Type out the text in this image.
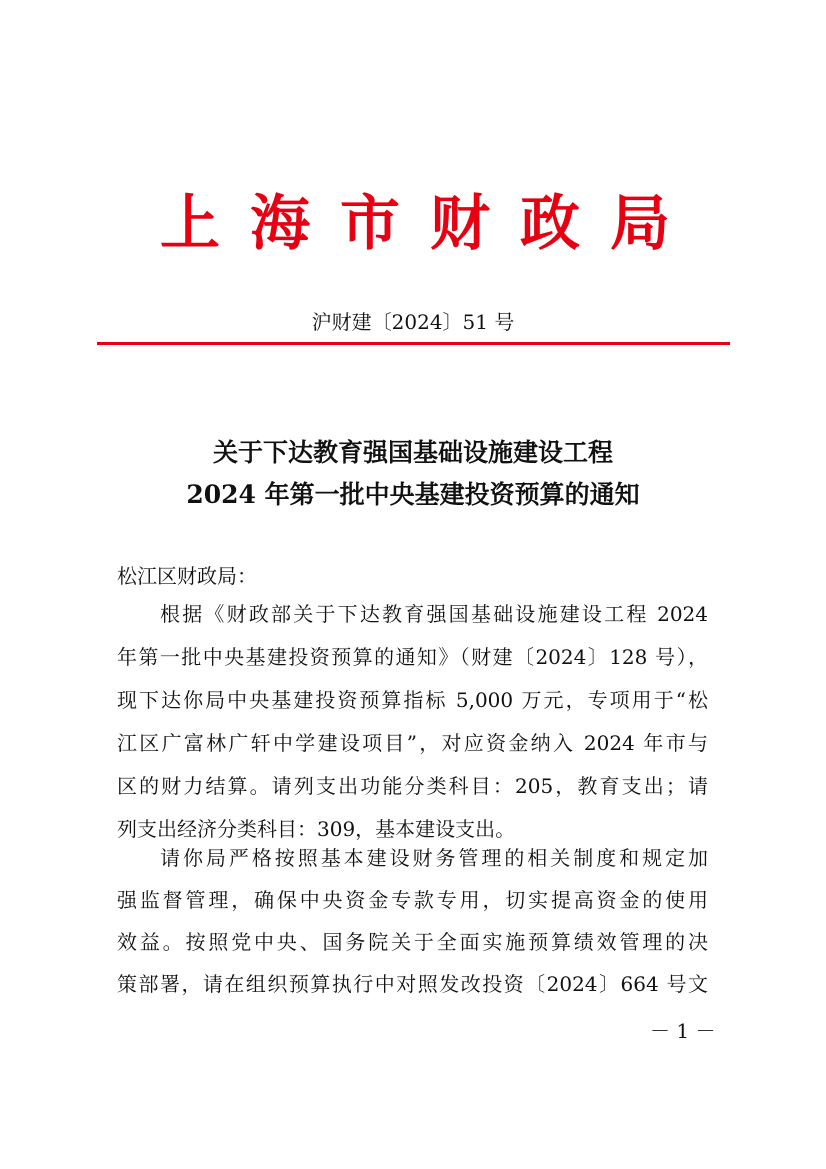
上 海 市 财 政 局
沪财建〔2024〕51 号
关于下达教育强国基础设施建设工程
2024 年第一批中央基建投资预算的通知
松江区财政局：
根据《财政部关于下达教育强国基础设施建设工程 2024
年第一批中央基建投资预算的通知》（财建〔2024〕128 号），
现下达你局中央基建投资预算指标 5,000 万元，专项用于“松
江区广富林广轩中学建设项目”，对应资金纳入 2024 年市与
区的财力结算。请列支出功能分类科目：205，教育支出；请
列支出经济分类科目：309，基本建设支出。
请你局严格按照基本建设财务管理的相关制度和规定加
强监督管理，确保中央资金专款专用，切实提高资金的使用
效益。按照党中央、国务院关于全面实施预算绩效管理的决
策部署，请在组织预算执行中对照发改投资〔2024〕664 号文
－ 1 －
